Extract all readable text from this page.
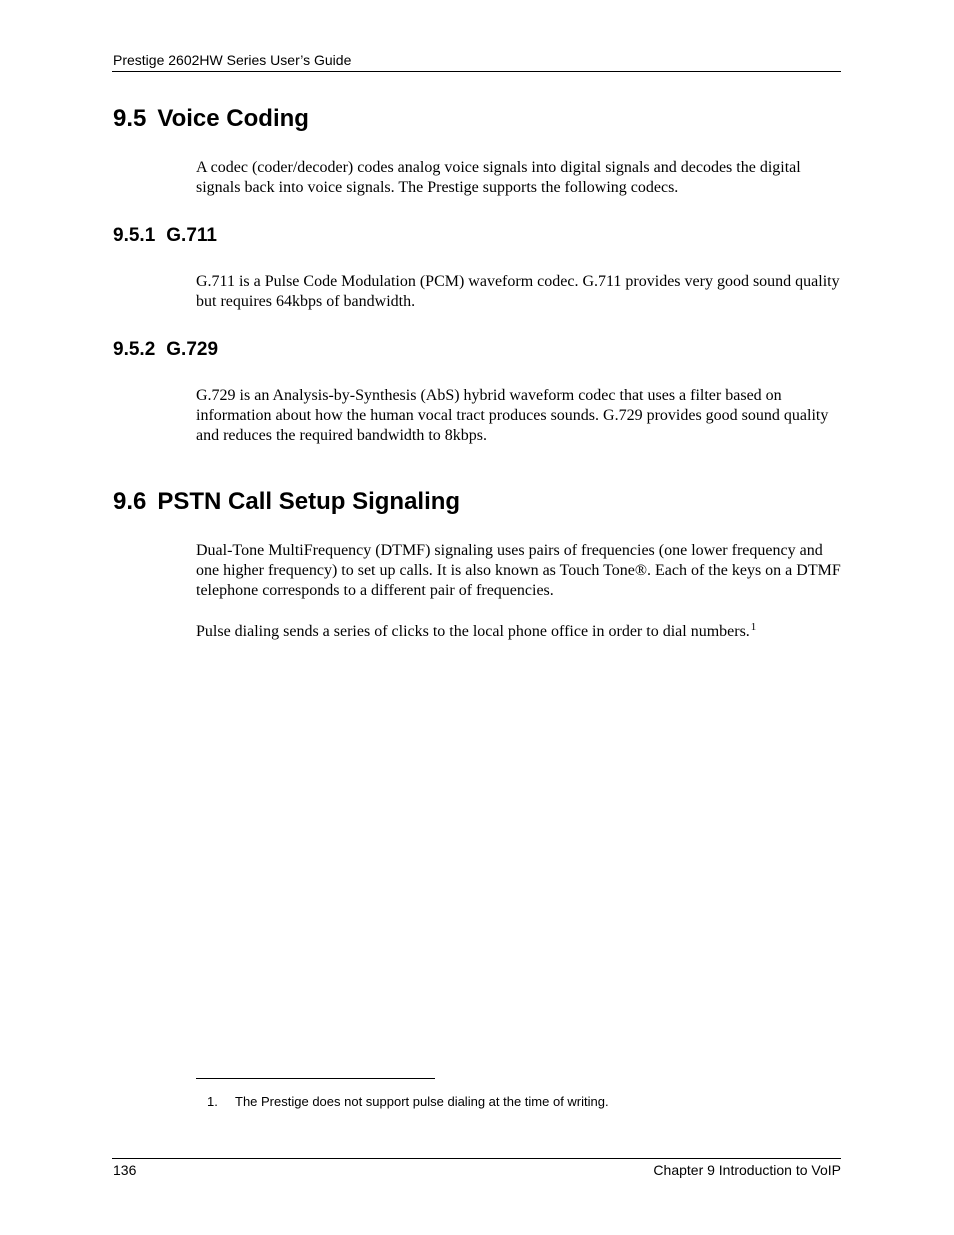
Prestige 2602HW Series User’s Guide
9.5 Voice Coding

A codec (coder/decoder) codes analog voice signals into digital signals and decodes the digital signals back into voice signals. The Prestige supports the following codecs.

9.5.1 G.711

G.711 is a Pulse Code Modulation (PCM) waveform codec. G.711 provides very good sound quality but requires 64kbps of bandwidth.

9.5.2 G.729

G.729 is an Analysis-by-Synthesis (AbS) hybrid waveform codec that uses a filter based on information about how the human vocal tract produces sounds. G.729 provides good sound quality and reduces the required bandwidth to 8kbps.

9.6 PSTN Call Setup Signaling

Dual-Tone MultiFrequency (DTMF) signaling uses pairs of frequencies (one lower frequency and one higher frequency) to set up calls. It is also known as Touch Tone®. Each of the keys on a DTMF telephone corresponds to a different pair of frequencies.

Pulse dialing sends a series of clicks to the local phone office in order to dial numbers.$^1$

1. The Prestige does not support pulse dialing at the time of writing.
136	Chapter 9 Introduction to VoIP
